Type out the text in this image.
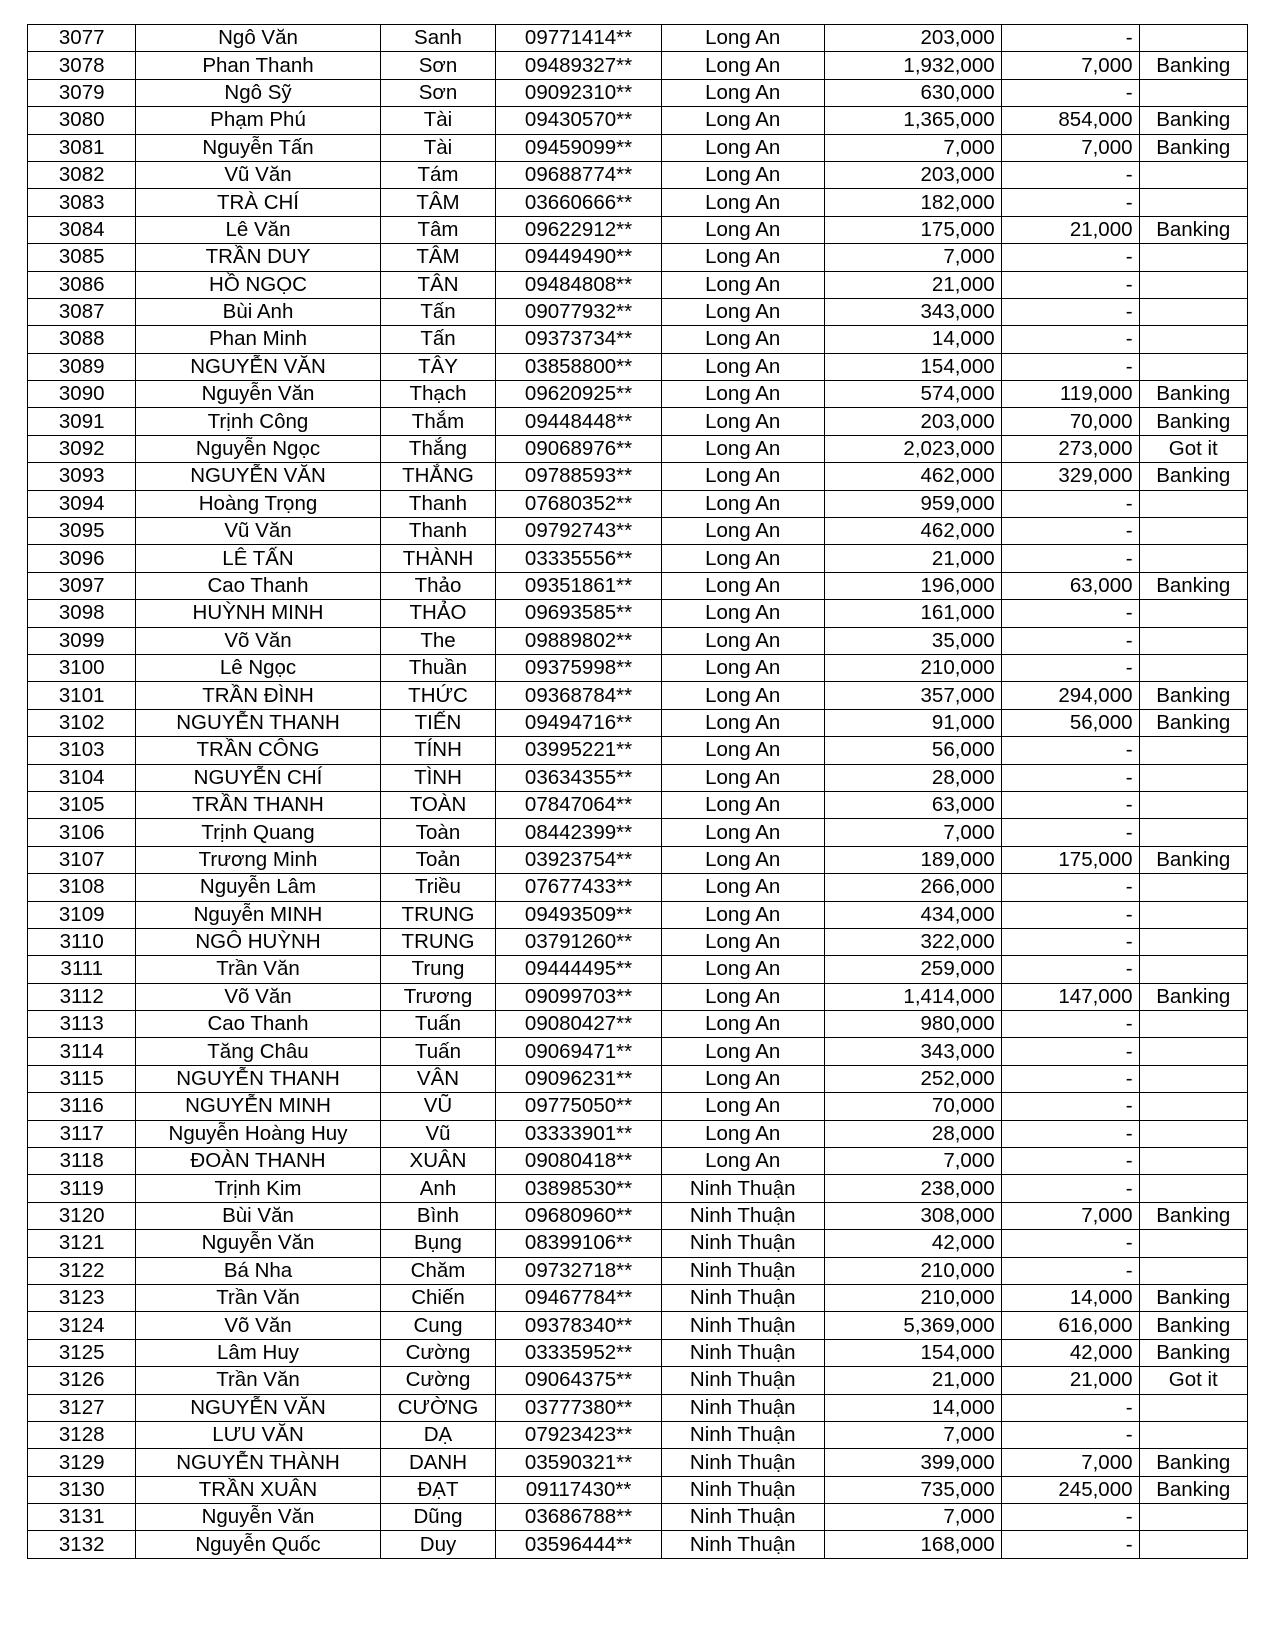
3077	Ngô Văn	Sanh	09771414**	Long An	203,000	-	
3078	Phan Thanh	Sơn	09489327**	Long An	1,932,000	7,000	Banking
3079	Ngô Sỹ	Sơn	09092310**	Long An	630,000	-	
3080	Phạm Phú	Tài	09430570**	Long An	1,365,000	854,000	Banking
3081	Nguyễn Tấn	Tài	09459099**	Long An	7,000	7,000	Banking
3082	Vũ Văn	Tám	09688774**	Long An	203,000	-	
3083	TRÀ CHÍ	TÂM	03660666**	Long An	182,000	-	
3084	Lê Văn	Tâm	09622912**	Long An	175,000	21,000	Banking
3085	TRẦN DUY	TÂM	09449490**	Long An	7,000	-	
3086	HỒ NGỌC	TÂN	09484808**	Long An	21,000	-	
3087	Bùi Anh	Tấn	09077932**	Long An	343,000	-	
3088	Phan Minh	Tấn	09373734**	Long An	14,000	-	
3089	NGUYỄN VĂN	TÂY	03858800**	Long An	154,000	-	
3090	Nguyễn Văn	Thạch	09620925**	Long An	574,000	119,000	Banking
3091	Trịnh Công	Thắm	09448448**	Long An	203,000	70,000	Banking
3092	Nguyễn Ngọc	Thắng	09068976**	Long An	2,023,000	273,000	Got it
3093	NGUYỄN VĂN	THẮNG	09788593**	Long An	462,000	329,000	Banking
3094	Hoàng Trọng	Thanh	07680352**	Long An	959,000	-	
3095	Vũ Văn	Thanh	09792743**	Long An	462,000	-	
3096	LÊ TẤN	THÀNH	03335556**	Long An	21,000	-	
3097	Cao Thanh	Thảo	09351861**	Long An	196,000	63,000	Banking
3098	HUỲNH MINH	THẢO	09693585**	Long An	161,000	-	
3099	Võ Văn	The	09889802**	Long An	35,000	-	
3100	Lê Ngọc	Thuần	09375998**	Long An	210,000	-	
3101	TRẦN ĐÌNH	THỨC	09368784**	Long An	357,000	294,000	Banking
3102	NGUYỄN THANH	TIẾN	09494716**	Long An	91,000	56,000	Banking
3103	TRẦN CÔNG	TÍNH	03995221**	Long An	56,000	-	
3104	NGUYỄN CHÍ	TÌNH	03634355**	Long An	28,000	-	
3105	TRẦN THANH	TOÀN	07847064**	Long An	63,000	-	
3106	Trịnh Quang	Toàn	08442399**	Long An	7,000	-	
3107	Trương Minh	Toản	03923754**	Long An	189,000	175,000	Banking
3108	Nguyễn Lâm	Triều	07677433**	Long An	266,000	-	
3109	Nguyễn MINH	TRUNG	09493509**	Long An	434,000	-	
3110	NGÔ HUỲNH	TRUNG	03791260**	Long An	322,000	-	
3111	Trần Văn	Trung	09444495**	Long An	259,000	-	
3112	Võ Văn	Trương	09099703**	Long An	1,414,000	147,000	Banking
3113	Cao Thanh	Tuấn	09080427**	Long An	980,000	-	
3114	Tăng Châu	Tuấn	09069471**	Long An	343,000	-	
3115	NGUYỄN THANH	VÂN	09096231**	Long An	252,000	-	
3116	NGUYỄN MINH	VŨ	09775050**	Long An	70,000	-	
3117	Nguyễn Hoàng Huy	Vũ	03333901**	Long An	28,000	-	
3118	ĐOÀN THANH	XUÂN	09080418**	Long An	7,000	-	
3119	Trịnh Kim	Anh	03898530**	Ninh Thuận	238,000	-	
3120	Bùi Văn	Bình	09680960**	Ninh Thuận	308,000	7,000	Banking
3121	Nguyễn Văn	Bụng	08399106**	Ninh Thuận	42,000	-	
3122	Bá Nha	Chăm	09732718**	Ninh Thuận	210,000	-	
3123	Trần Văn	Chiến	09467784**	Ninh Thuận	210,000	14,000	Banking
3124	Võ Văn	Cung	09378340**	Ninh Thuận	5,369,000	616,000	Banking
3125	Lâm Huy	Cường	03335952**	Ninh Thuận	154,000	42,000	Banking
3126	Trần Văn	Cường	09064375**	Ninh Thuận	21,000	21,000	Got it
3127	NGUYỄN VĂN	CƯỜNG	03777380**	Ninh Thuận	14,000	-	
3128	LƯU VĂN	DẠ	07923423**	Ninh Thuận	7,000	-	
3129	NGUYỄN THÀNH	DANH	03590321**	Ninh Thuận	399,000	7,000	Banking
3130	TRẦN XUÂN	ĐẠT	09117430**	Ninh Thuận	735,000	245,000	Banking
3131	Nguyễn Văn	Dũng	03686788**	Ninh Thuận	7,000	-	
3132	Nguyễn Quốc	Duy	03596444**	Ninh Thuận	168,000	-	
